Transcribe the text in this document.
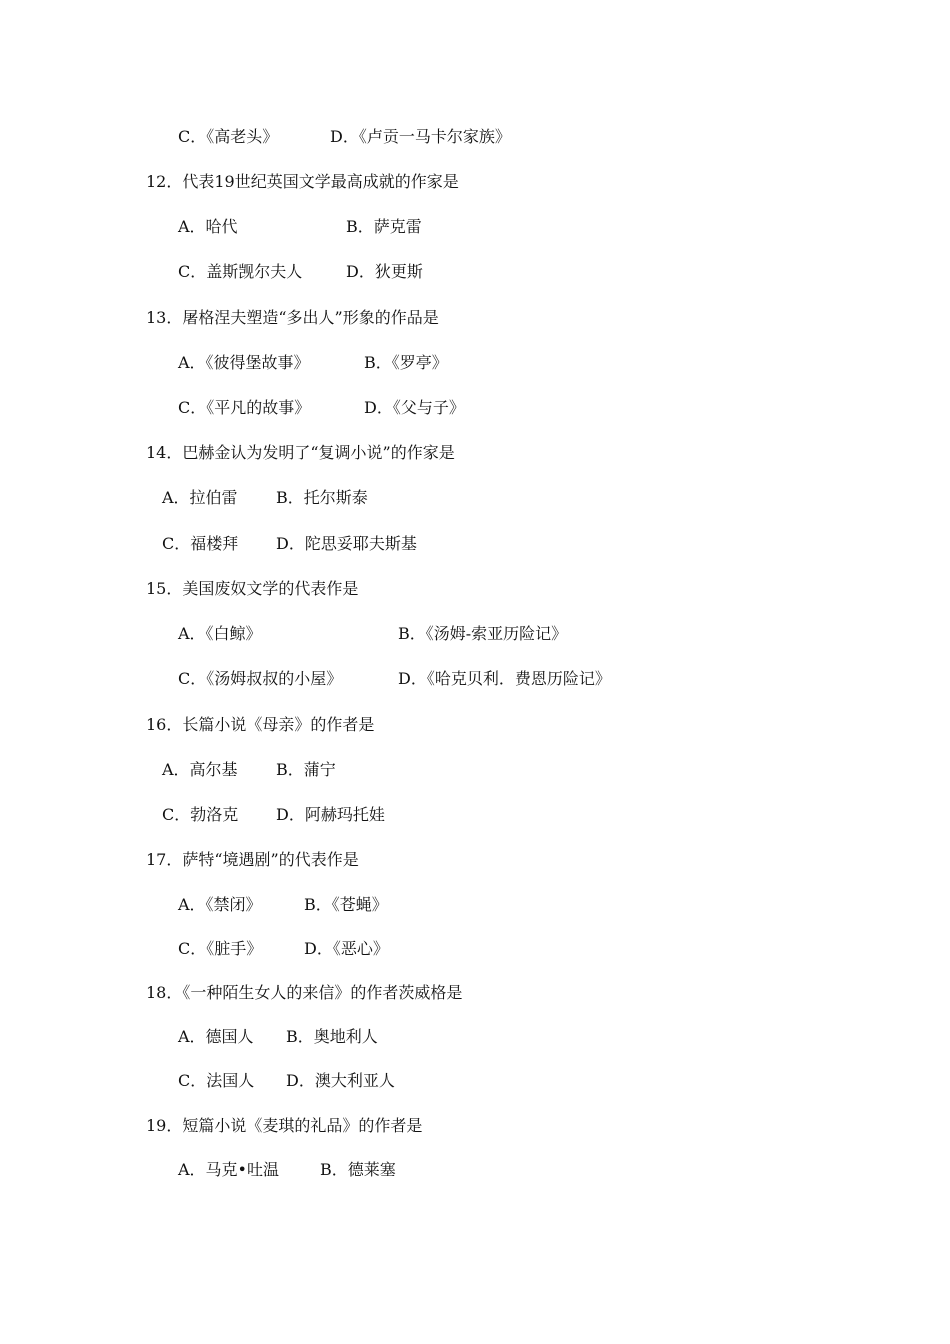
C．《高老头》	D．《卢贡一马卡尔家族》
12．代表19世纪英国文学最高成就的作家是
A．哈代	B．萨克雷
C．盖斯觊尔夫人	D．狄更斯
13．屠格涅夫塑造“多出人”形象的作品是
A．《彼得堡故事》	B．《罗亭》
C．《平凡的故事》	D．《父与子》
14．巴赫金认为发明了“复调小说”的作家是
A．拉伯雷 B．托尔斯泰
C．福楼拜 D．陀思妥耶夫斯基
15．美国废奴文学的代表作是
A．《白鲸》	B．《汤姆-索亚历险记》
C．《汤姆叔叔的小屋》	D．《哈克贝利．费恩历险记》
16．长篇小说《母亲》的作者是
A．高尔基 B．蒲宁
C．勃洛克 D．阿赫玛托娃
17．萨特“境遇剧”的代表作是
A．《禁闭》	B．《苍蝇》
C．《脏手》	D．《恶心》
18．《一种陌生女人的来信》的作者茨威格是
A．德国人 B．奥地利人
C．法国人 D．澳大利亚人
19．短篇小说《麦琪的礼品》的作者是
A．马克•吐温	B．德莱塞
